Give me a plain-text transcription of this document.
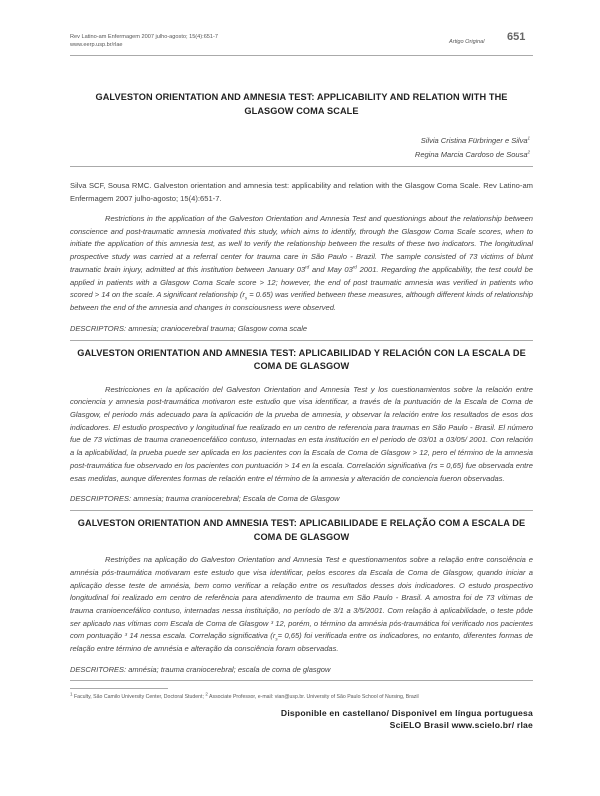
Rev Latino-am Enfermagem 2007 julho-agosto; 15(4):651-7
www.eerp.usp.br/rlae	Artigo Original 651
GALVESTON ORIENTATION AND AMNESIA TEST: APPLICABILITY AND RELATION WITH THE GLASGOW COMA SCALE
Silvia Cristina Fürbringer e Silva$^1$
Regina Marcia Cardoso de Sousa$^2$

Silva SCF, Sousa RMC. Galveston orientation and amnesia test: applicability and relation with the Glasgow Coma Scale. Rev Latino-am Enfermagem 2007 julho-agosto; 15(4):651-7.

Restrictions in the application of the Galveston Orientation and Amnesia Test and questionings about the relationship between conscience and post-traumatic amnesia motivated this study, which aims to identify, through the Glasgow Coma Scale scores, when to initiate the application of this amnesia test, as well to verify the relationship between the results of these two indicators. The longitudinal prospective study was carried at a referral center for trauma care in São Paulo - Brazil. The sample consisted of 73 victims of blunt traumatic brain injury, admitted at this institution between January 03rd and May 03rd 2001. Regarding the applicability, the test could be applied in patients with a Glasgow Coma Scale score > 12; however, the end of post traumatic amnesia was verified in patients who scored > 14 on the scale. A significant relationship $(r_s = 0.65)$ was verified between these measures, although different kinds of relationship between the end of the amnesia and changes in consciousness were observed.

DESCRIPTORS: amnesia; craniocerebral trauma; Glasgow coma scale
GALVESTON ORIENTATION AND AMNESIA TEST: APLICABILIDAD Y RELACIÓN CON LA ESCALA DE COMA DE GLASGOW

Restricciones en la aplicación del Galveston Orientation and Amnesia Test y los cuestionamientos sobre la relación entre conciencia y amnesia post-traumática motivaron este estudio que visa identificar, a través de la puntuación de la Escala de Coma de Glasgow, el periodo más adecuado para la aplicación de la prueba de amnesia, y observar la relación entre los resultados de esos dos indicadores. El estudio prospectivo y longitudinal fue realizado en un centro de referencia para traumas en São Paulo - Brasil. El número fue de 73 victimas de trauma craneoencefálico contuso, internadas en esta institución en el periodo de 03/01 a 03/05/ 2001. Con relación a la aplicabilidad, la prueba puede ser aplicada en los pacientes con la Escala de Coma de Glasgow > 12, pero el término de la amnesia post-traumática fue observado en los pacientes con puntuación > 14 en la escala. Correlación significativa (rs = 0,65) fue observada entre esas medidas, aunque diferentes formas de relación entre el término de la amnesia y alteración de conciencia fueron observadas.

DESCRIPTORES: amnesia; trauma craniocerebral; Escala de Coma de Glasgow
GALVESTON ORIENTATION AND AMNESIA TEST: APLICABILIDADE E RELAÇÃO COM A ESCALA DE COMA DE GLASGOW

Restrições na aplicação do Galveston Orientation and Amnesia Test e questionamentos sobre a relação entre consciência e amnésia pós-traumática motivaram este estudo que visa identificar, pelos escores da Escala de Coma de Glasgow, quando iniciar a aplicação desse teste de amnésia, bem como verificar a relação entre os resultados desses dois indicadores. O estudo prospectivo longitudinal foi realizado em centro de referência para atendimento de trauma em São Paulo - Brasil. A amostra foi de 73 vítimas de trauma cranioencefálico contuso, internadas nessa instituição, no período de 3/1 a 3/5/2001. Com relação à aplicabilidade, o teste pôde ser aplicado nas vítimas com Escala de Coma de Glasgow ³ 12, porém, o término da amnésia pós-traumática foi verificado nos pacientes com pontuação ³ 14 nessa escala. Correlação significativa $(r_s= 0,65)$ foi verificada entre os indicadores, no entanto, diferentes formas de relação entre término de amnésia e alteração da consciência foram observadas.

DESCRITORES: amnésia; trauma craniocerebral; escala de coma de glasgow
$^1$ Faculty, São Camilo University Center, Doctoral Student; $^2$ Associate Professor, e-mail: vian@usp.br. University of São Paulo School of Nursing, Brazil
Disponible en castellano/ Disponivel em língua portuguesa
SciELO Brasil www.scielo.br/ rlae
